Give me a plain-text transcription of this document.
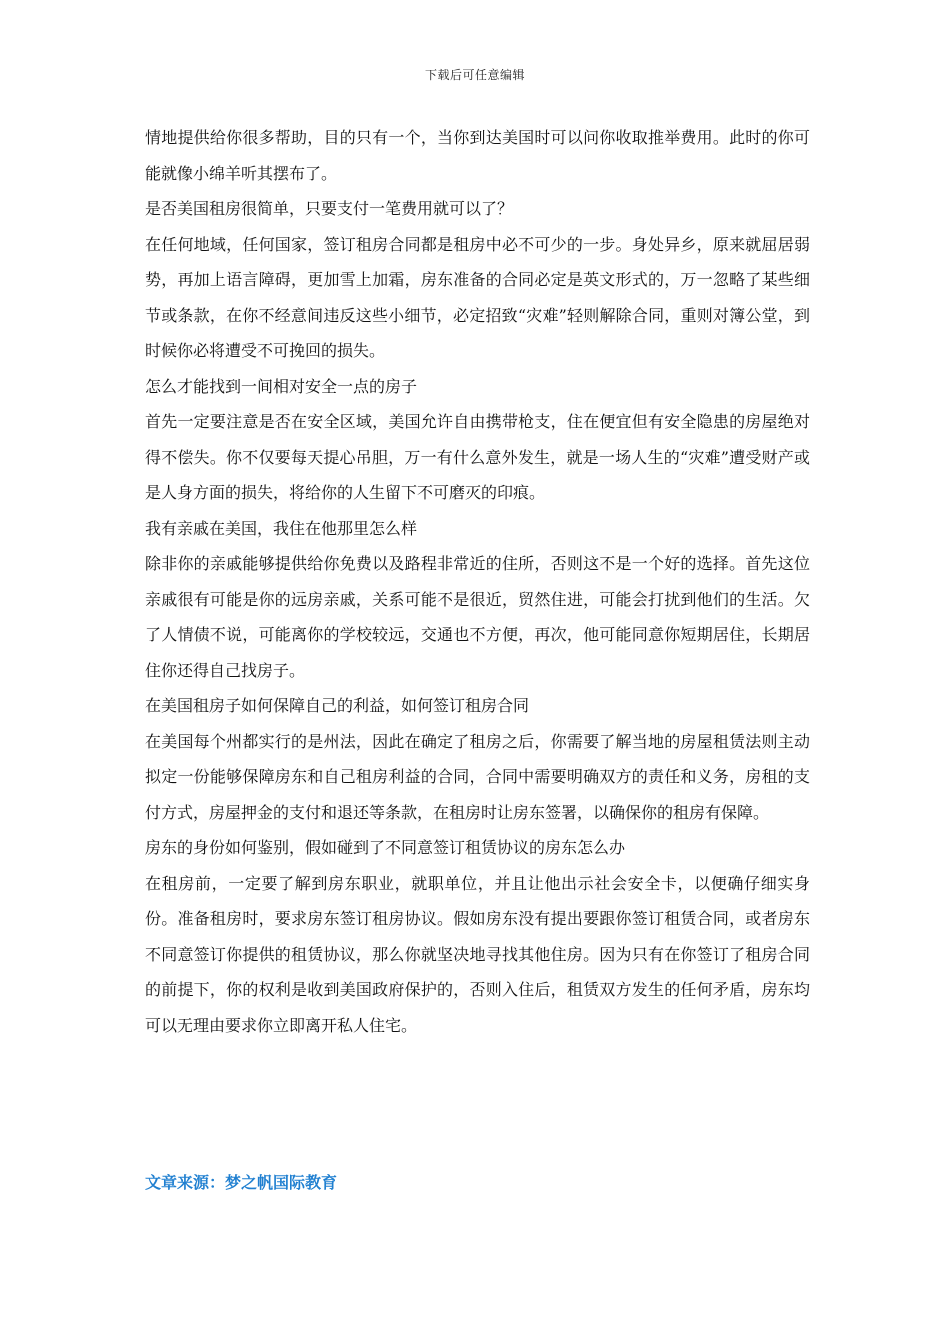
下载后可任意编辑

情地提供给你很多帮助，目的只有一个，当你到达美国时可以问你收取推举费用。此时的你可能就像小绵羊听其摆布了。

是否美国租房很简单，只要支付一笔费用就可以了？

在任何地域，任何国家，签订租房合同都是租房中必不可少的一步。身处异乡，原来就屈居弱势，再加上语言障碍，更加雪上加霜，房东准备的合同必定是英文形式的，万一忽略了某些细节或条款，在你不经意间违反这些小细节，必定招致“灾难”轻则解除合同，重则对簿公堂，到时候你必将遭受不可挽回的损失。

怎么才能找到一间相对安全一点的房子

首先一定要注意是否在安全区域，美国允许自由携带枪支，住在便宜但有安全隐患的房屋绝对得不偿失。你不仅要每天提心吊胆，万一有什么意外发生，就是一场人生的“灾难”遭受财产或是人身方面的损失，将给你的人生留下不可磨灭的印痕。

我有亲戚在美国，我住在他那里怎么样

除非你的亲戚能够提供给你免费以及路程非常近的住所，否则这不是一个好的选择。首先这位亲戚很有可能是你的远房亲戚，关系可能不是很近，贸然住进，可能会打扰到他们的生活。欠了人情债不说，可能离你的学校较远，交通也不方便，再次，他可能同意你短期居住，长期居住你还得自己找房子。

在美国租房子如何保障自己的利益，如何签订租房合同

在美国每个州都实行的是州法，因此在确定了租房之后，你需要了解当地的房屋租赁法则主动拟定一份能够保障房东和自己租房利益的合同，合同中需要明确双方的责任和义务，房租的支付方式，房屋押金的支付和退还等条款，在租房时让房东签署，以确保你的租房有保障。

房东的身份如何鉴别，假如碰到了不同意签订租赁协议的房东怎么办

在租房前，一定要了解到房东职业，就职单位，并且让他出示社会安全卡，以便确仔细实身份。准备租房时，要求房东签订租房协议。假如房东没有提出要跟你签订租赁合同，或者房东不同意签订你提供的租赁协议，那么你就坚决地寻找其他住房。因为只有在你签订了租房合同的前提下，你的权利是收到美国政府保护的，否则入住后，租赁双方发生的任何矛盾，房东均可以无理由要求你立即离开私人住宅。

文章来源：梦之帆国际教育
